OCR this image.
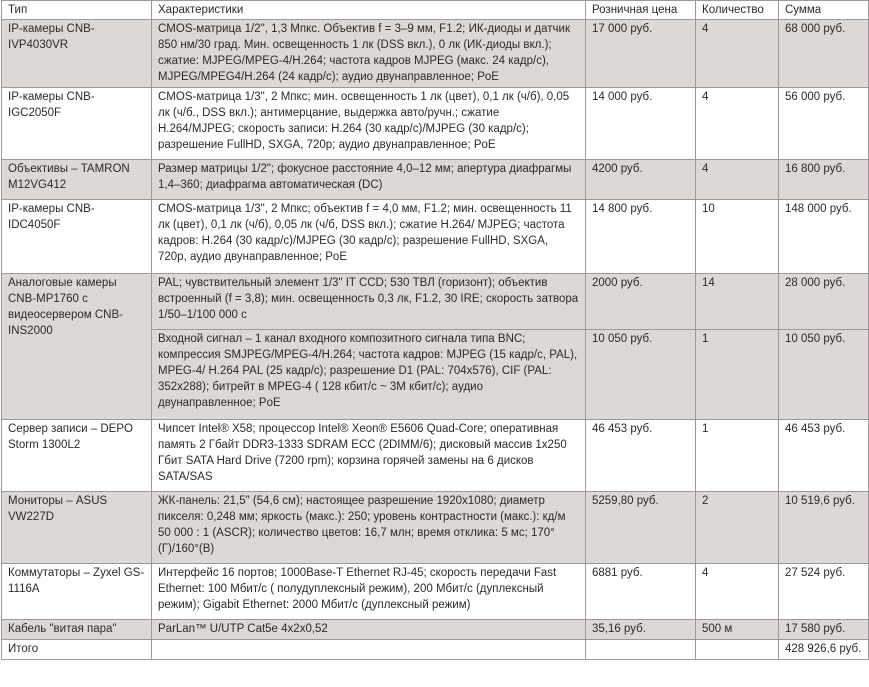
Тип	Характеристики	Розничная цена	Количество	Сумма
IP-камеры CNB-IVP4030VR	CMOS-матрица 1/2", 1,3 Мпкс. Объектив f = 3–9 мм, F1.2; ИК-диоды и датчик 850 нм/30 град. Мин. освещенность 1 лк (DSS вкл.), 0 лк (ИК-диоды вкл.); сжатие: MJPEG/MPEG-4/H.264; частота кадров MJPEG (макс. 24 кадр/с), MJPEG/MPEG4/H.264 (24 кадр/с); аудио двунаправленное; PoE	17 000 руб.	4	68 000 руб.
IP-камеры CNB-IGC2050F	CMOS-матрица 1/3", 2 Мпкс; мин. освещенность 1 лк (цвет), 0,1 лк (ч/б), 0,05 лк (ч/б., DSS вкл.); антимерцание, выдержка авто/ручн.; сжатие H.264/MJPEG; скорость записи: H.264 (30 кадр/с)/MJPEG (30 кадр/с); разрешение FullHD, SXGA, 720p; аудио двунаправленное; PoE	14 000 руб.	4	56 000 руб.
Объективы – TAMRON M12VG412	Размер матрицы 1/2"; фокусное расстояние 4,0–12 мм; апертура диафрагмы 1,4–360; диафрагма автоматическая (DC)	4200 руб.	4	16 800 руб.
IP-камеры CNB-IDC4050F	CMOS-матрица 1/3", 2 Мпкс; объектив f = 4,0 мм, F1.2; мин. освещенность 11 лк (цвет), 0,1 лк (ч/б), 0,05 лк (ч/б, DSS вкл.); сжатие H.264/ MJPEG; частота кадров: H.264 (30 кадр/с)/MJPEG (30 кадр/с); разрешение FullHD, SXGA, 720p, аудио двунаправленное; PoE	14 800 руб.	10	148 000 руб.
Аналоговые камеры CNB-MP1760 с видеосервером CNB-INS2000	PAL; чувствительный элемент 1/3" IT CCD; 530 ТВЛ (горизонт); объектив встроенный (f = 3,8); мин. освещенность 0,3 лк, F1.2, 30 IRE; скорость затвора 1/50–1/100 000 с	2000 руб.	14	28 000 руб.
	Входной сигнал – 1 канал входного композитного сигнала типа BNC; компрессия SMJPEG/MPEG-4/H.264; частота кадров: MJPEG (15 кадр/с, PAL), MPEG-4/ H.264 PAL (25 кадр/с); разрешение D1 (PAL: 704x576), CIF (PAL: 352x288); битрейт в MPEG-4 ( 128 кбит/с ~ 3M кбит/с); аудио двунаправленное; PoE	10 050 руб.	1	10 050 руб.
Сервер записи – DEPO Storm 1300L2	Чипсет Intel® X58; процессор Intel® Xeon® E5606 Quad-Core; оперативная память 2 Гбайт DDR3-1333 SDRAM ECC (2DIMM/6); дисковый массив 1x250 Гбит SATA Hard Drive (7200 rpm); корзина горячей замены на 6 дисков SATA/SAS	46 453 руб.	1	46 453 руб.
Мониторы – ASUS VW227D	ЖК-панель: 21,5" (54,6 см); настоящее разрешение 1920x1080; диаметр пикселя: 0,248 мм; яркость (макс.): 250; уровень контрастности (макс.): кд/м 50 000 : 1 (ASCR); количество цветов: 16,7 млн; время отклика: 5 мс; 170°(Г)/160°(В)	5259,80 руб.	2	10 519,6 руб.
Коммутаторы – Zyxel GS-1116A	Интерфейс 16 портов; 1000Base-T Ethernet RJ-45; скорость передачи Fast Ethernet: 100 Мбит/с ( полудуплексный режим), 200 Мбит/с (дуплексный режим); Gigabit Ethernet: 2000 Мбит/с (дуплексный режим)	6881 руб.	4	27 524 руб.
Кабель "витая пара"	ParLan™ U/UTP Cat5e 4x2x0,52	35,16 руб.	500 м	17 580 руб.
Итого				428 926,6 руб.
